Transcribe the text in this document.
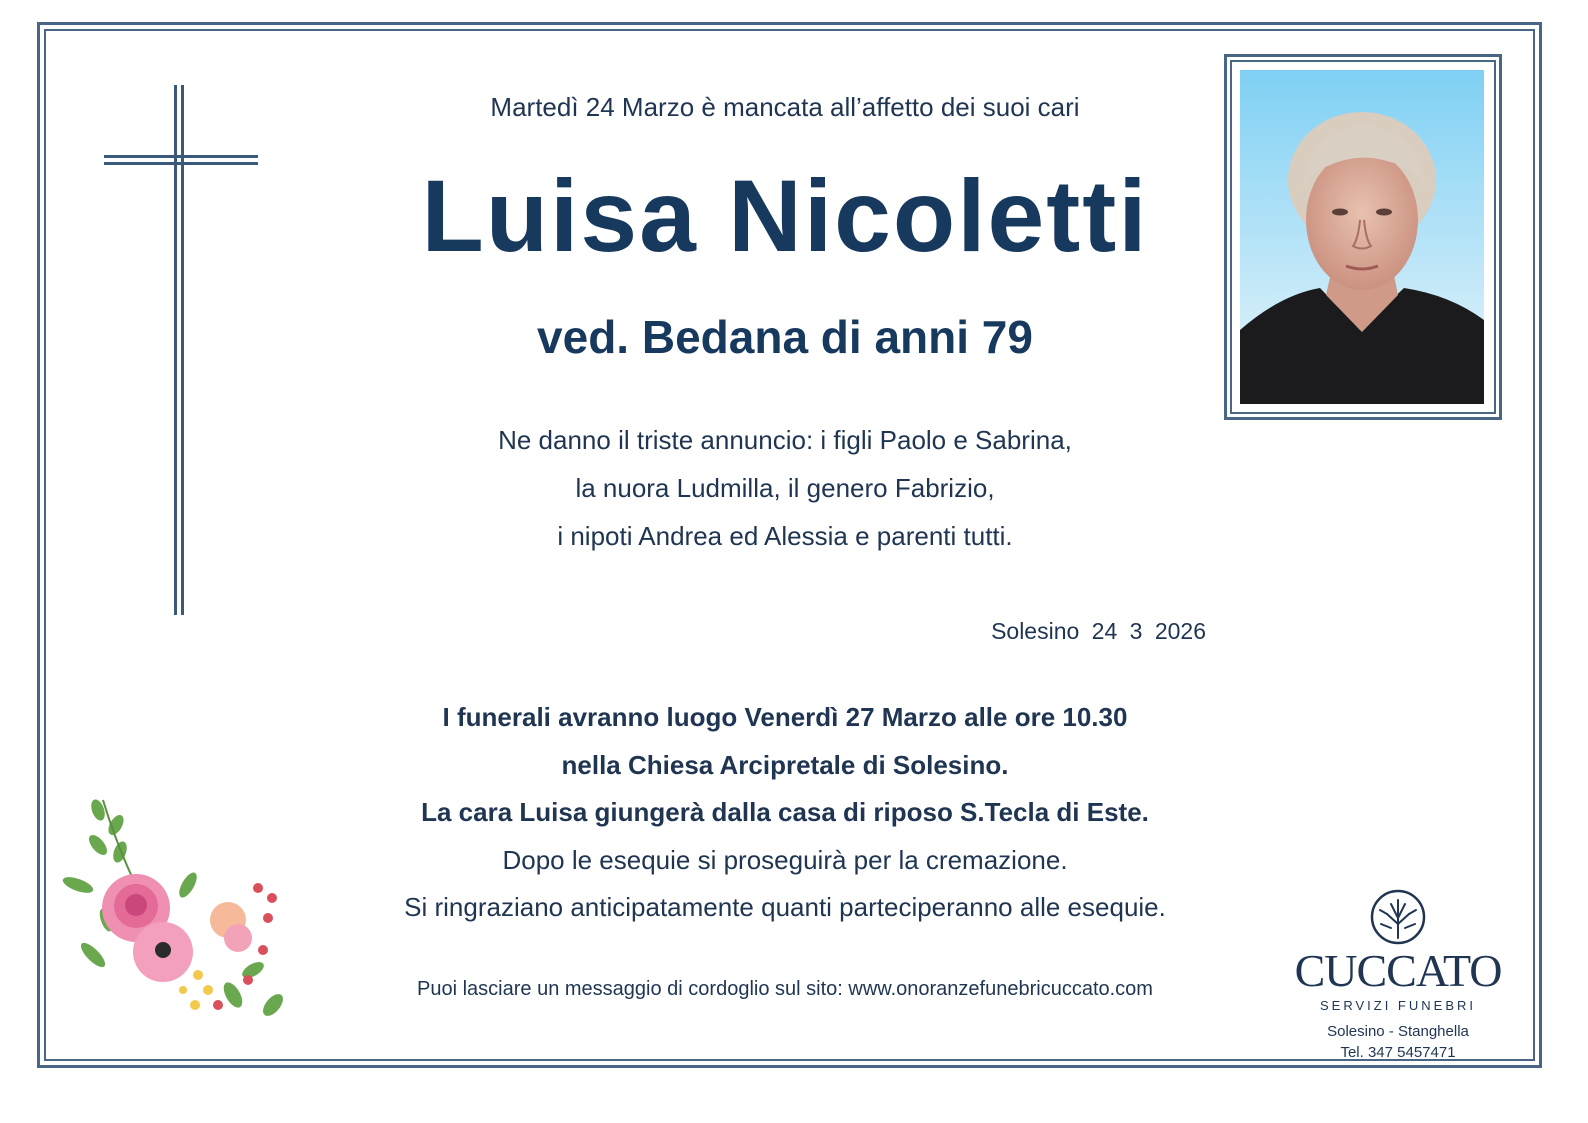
Martedì 24 Marzo è mancata all’affetto dei suoi cari

Luisa Nicoletti

ved. Bedana di anni 79

Ne danno il triste annuncio: i figli Paolo e Sabrina,
la nuora Ludmilla, il genero Fabrizio,
i nipoti Andrea ed Alessia e parenti tutti.
Solesino 24 3 2026
I funerali avranno luogo Venerdì 27 Marzo alle ore 10.30
nella Chiesa Arcipretale di Solesino.
La cara Luisa giungerà dalla casa di riposo S.Tecla di Este.
Dopo le esequie si proseguirà per la cremazione.
Si ringraziano anticipatamente quanti parteciperanno alle esequie.

Puoi lasciare un messaggio di cordoglio sul sito: www.onoranzefunebricuccato.com	CUCCATO
SERVIZI FUNEBRI
Solesino - Stanghella
Tel. 347 5457471
